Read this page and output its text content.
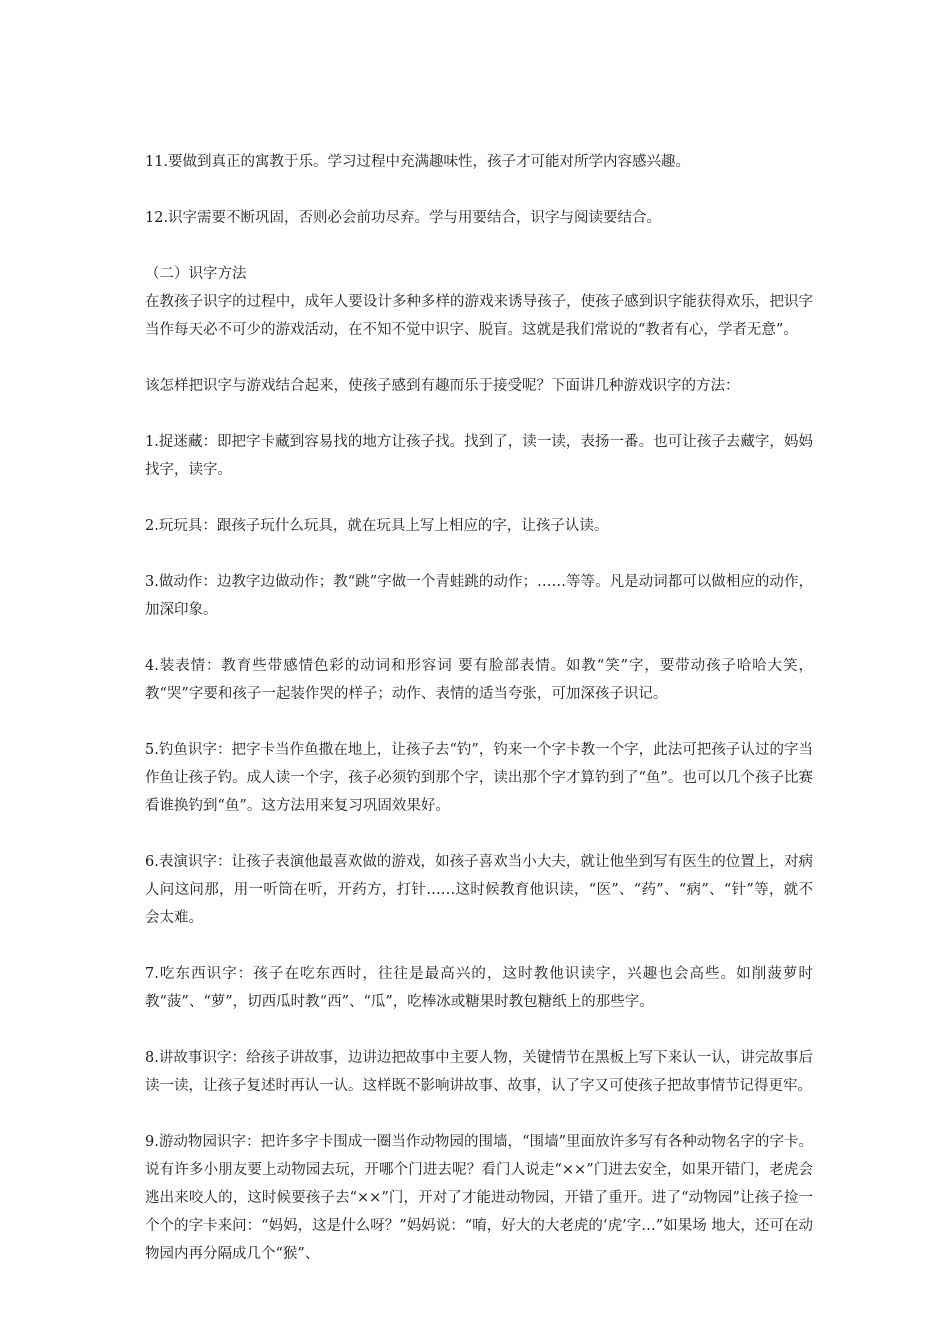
11.要做到真正的寓教于乐。学习过程中充满趣味性，孩子才可能对所学内容感兴趣。

12.识字需要不断巩固，否则必会前功尽弃。学与用要结合，识字与阅读要结合。

（二）识字方法

在教孩子识字的过程中，成年人要设计多种多样的游戏来诱导孩子，使孩子感到识字能获得欢乐，把识字当作每天必不可少的游戏活动，在不知不觉中识字、脱盲。这就是我们常说的“教者有心，学者无意”。

该怎样把识字与游戏结合起来，使孩子感到有趣而乐于接受呢？下面讲几种游戏识字的方法：

1.捉迷藏：即把字卡藏到容易找的地方让孩子找。找到了，读一读，表扬一番。也可让孩子去藏字，妈妈找字，读字。

2.玩玩具：跟孩子玩什么玩具，就在玩具上写上相应的字，让孩子认读。

3.做动作：边教字边做动作；教“跳”字做一个青蛙跳的动作；……等等。凡是动词都可以做相应的动作，加深印象。

4.装表情：教育些带感情色彩的动词和形容词 要有脸部表情。如教“笑”字，要带动孩子哈哈大笑，教“哭”字要和孩子一起装作哭的样子；动作、表情的适当夸张，可加深孩子识记。

5.钓鱼识字：把字卡当作鱼撒在地上，让孩子去“钓”，钓来一个字卡教一个字，此法可把孩子认过的字当作鱼让孩子钓。成人读一个字，孩子必须钓到那个字，读出那个字才算钓到了“鱼”。也可以几个孩子比赛看谁换钓到“鱼”。这方法用来复习巩固效果好。

6.表演识字：让孩子表演他最喜欢做的游戏，如孩子喜欢当小大夫，就让他坐到写有医生的位置上，对病人问这问那，用一听筒在听，开药方，打针……这时候教育他识读，“医”、“药”、“病”、“针”等，就不会太难。

7.吃东西识字：孩子在吃东西时，往往是最高兴的，这时教他识读字，兴趣也会高些。如削菠萝时教“菠”、“萝”，切西瓜时教“西”、“瓜”，吃棒冰或糖果时教包糖纸上的那些字。

8.讲故事识字：给孩子讲故事，边讲边把故事中主要人物，关键情节在黑板上写下来认一认，讲完故事后读一读，让孩子复述时再认一认。这样既不影响讲故事、故事，认了字又可使孩子把故事情节记得更牢。

9.游动物园识字：把许多字卡围成一圈当作动物园的围墙，“围墙”里面放许多写有各种动物名字的字卡。说有许多小朋友要上动物园去玩，开哪个门进去呢？看门人说走“××”门进去安全，如果开错门，老虎会逃出来咬人的，这时候要孩子去“××”门，开对了才能进动物园，开错了重开。进了“动物园”让孩子捡一个个的字卡来问：“妈妈，这是什么呀？”妈妈说：“唷，好大的大老虎的‘虎’字…”如果场 地大，还可在动物园内再分隔成几个“猴”、
